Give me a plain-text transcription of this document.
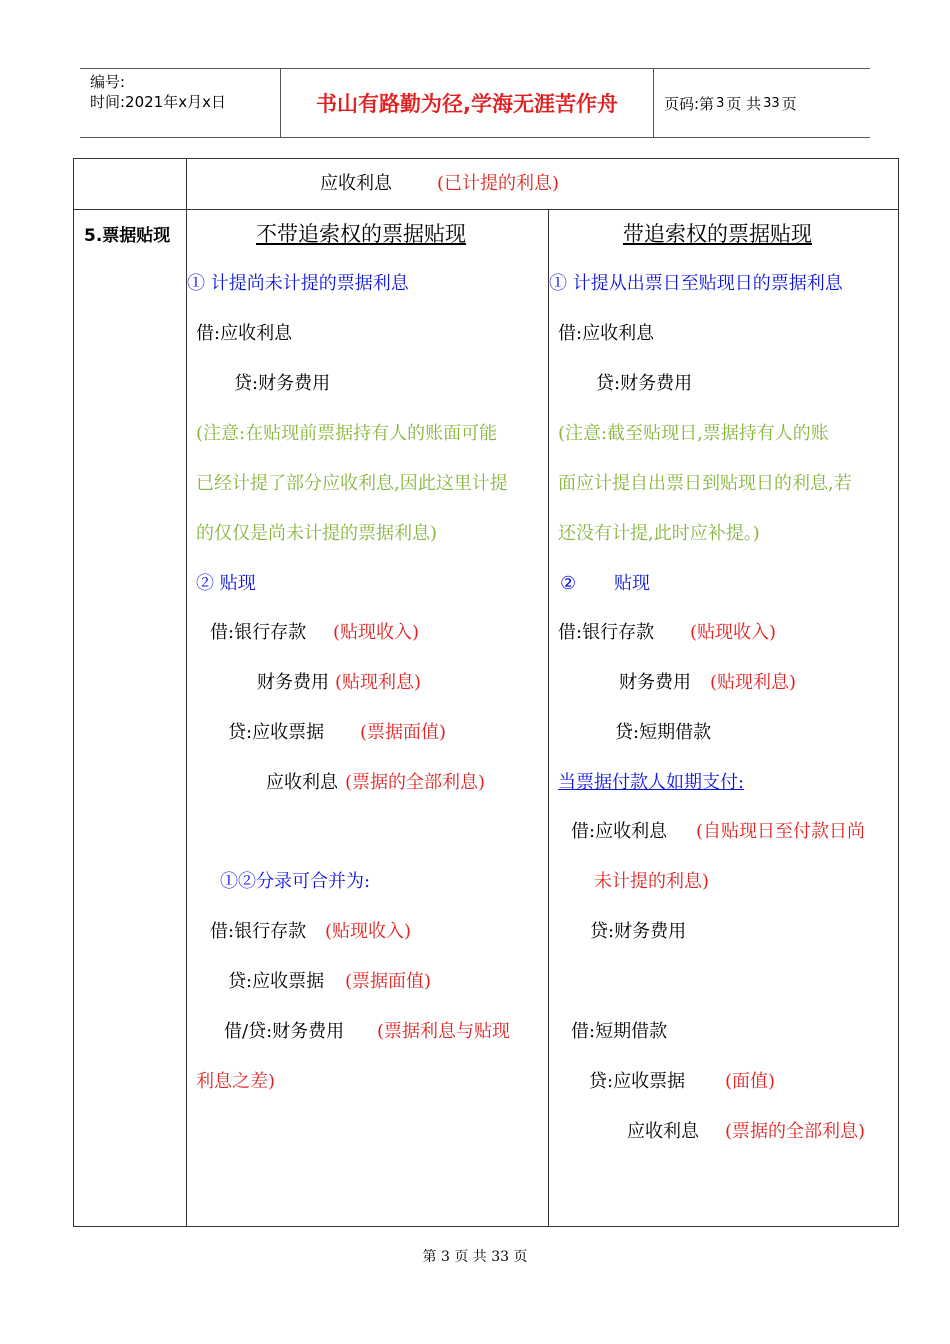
编号:
时间:2021年x月x日	书山有路勤为径,学海无涯苦作舟	页码:第 3 页 共 33 页
应收利息	(已计提的利息)
5.票据贴现	不带追索权的票据贴现
① 计提尚未计提的票据利息
借:应收利息
贷:财务费用
(注意:在贴现前票据持有人的账面可能
已经计提了部分应收利息,因此这里计提
的仅仅是尚未计提的票据利息)
② 贴现
借:银行存款 (贴现收入)
财务费用 (贴现利息)
贷:应收票据 (票据面值)
应收利息 (票据的全部利息)
①②分录可合并为:
借:银行存款 (贴现收入)
贷:应收票据 (票据面值)
借/贷:财务费用 (票据利息与贴现
利息之差)
带追索权的票据贴现
① 计提从出票日至贴现日的票据利息
借:应收利息
贷:财务费用
(注意:截至贴现日,票据持有人的账
面应计提自出票日到贴现日的利息,若
还没有计提,此时应补提。)
② 贴现
借:银行存款 (贴现收入)
财务费用 (贴现利息)
贷:短期借款
当票据付款人如期支付:
借:应收利息 (自贴现日至付款日尚
未计提的利息)
贷:财务费用
借:短期借款
贷:应收票据 (面值)
应收利息 (票据的全部利息)
第 3 页 共 33 页
